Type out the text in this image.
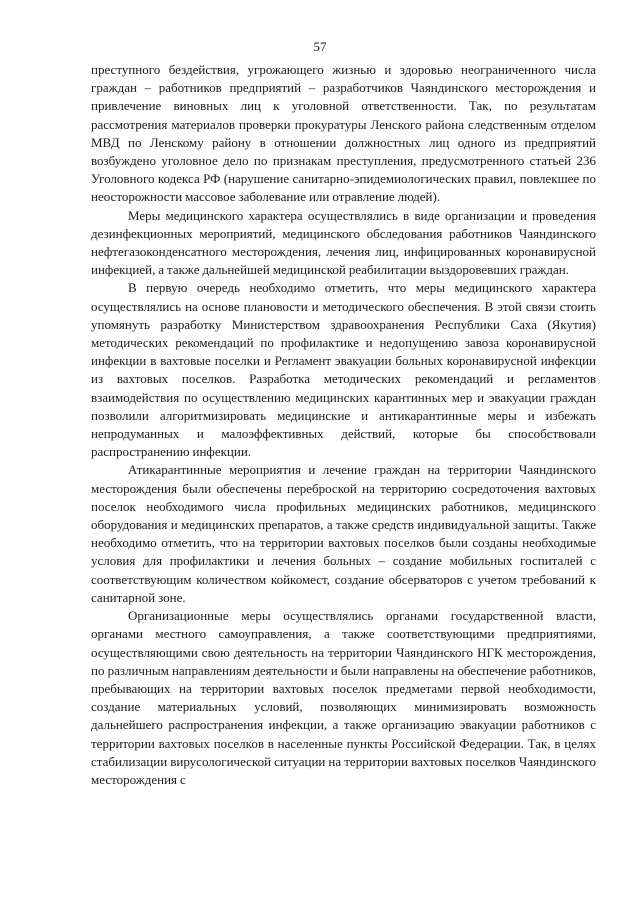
57

преступного бездействия, угрожающего жизнью и здоровью неограниченного числа граждан – работников предприятий – разработчиков Чаяндинского месторождения и привлечение виновных лиц к уголовной ответственности. Так, по результатам рассмотрения материалов проверки прокуратуры Ленского района следственным отделом МВД по Ленскому району в отношении должностных лиц одного из предприятий возбуждено уголовное дело по признакам преступления, предусмотренного статьей 236 Уголовного кодекса РФ (нарушение санитарно-эпидемиологических правил, повлекшее по неосторожности массовое заболевание или отравление людей).

Меры медицинского характера осуществлялись в виде организации и проведения дезинфекционных мероприятий, медицинского обследования работников Чаяндинского нефтегазоконденсатного месторождения, лечения лиц, инфицированных коронавирусной инфекцией, а также дальнейшей медицинской реабилитации выздоровевших граждан.

В первую очередь необходимо отметить, что меры медицинского характера осуществлялись на основе плановости и методического обеспечения. В этой связи стоить упомянуть разработку Министерством здравоохранения Республики Саха (Якутия) методических рекомендаций по профилактике и недопущению завоза коронавирусной инфекции в вахтовые поселки и Регламент эвакуации больных коронавирусной инфекции из вахтовых поселков. Разработка методических рекомендаций и регламентов взаимодействия по осуществлению медицинских карантинных мер и эвакуации граждан позволили алгоритмизировать медицинские и антикарантинные меры и избежать непродуманных и малоэффективных действий, которые бы способствовали распространению инфекции.

Атикарантинные мероприятия и лечение граждан на территории Чаяндинского месторождения были обеспечены переброской на территорию сосредоточения вахтовых поселок необходимого числа профильных медицинских работников, медицинского оборудования и медицинских препаратов, а также средств индивидуальной защиты. Также необходимо отметить, что на территории вахтовых поселков были созданы необходимые условия для профилактики и лечения больных – создание мобильных госпиталей с соответствующим количеством койкомест, создание обсерваторов с учетом требований к санитарной зоне.

Организационные меры осуществлялись органами государственной власти, органами местного самоуправления, а также соответствующими предприятиями, осуществляющими свою деятельность на территории Чаяндинского НГК месторождения, по различным направлениям деятельности и были направлены на обеспечение работников, пребывающих на территории вахтовых поселок предметами первой необходимости, создание материальных условий, позволяющих минимизировать возможность дальнейшего распространения инфекции, а также организацию эвакуации работников с территории вахтовых поселков в населенные пункты Российской Федерации. Так, в целях стабилизации вирусологической ситуации на территории вахтовых поселков Чаяндинского месторождения с
